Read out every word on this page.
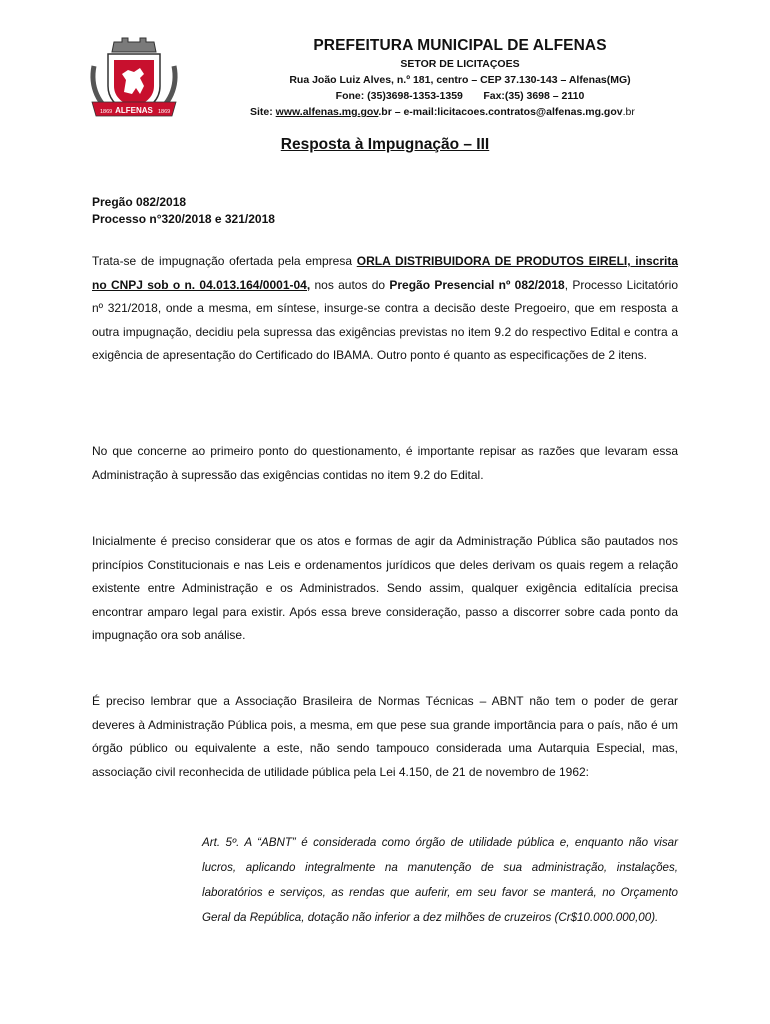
ALFENAS
1869	1869

PREFEITURA MUNICIPAL DE ALFENAS

SETOR DE LICITAÇOES

Rua João Luiz Alves, n.º 181, centro – CEP 37.130-143 – Alfenas(MG)

Fone: (35)3698-1353-1359 Fax:(35) 3698 – 2110

Site: www.alfenas.mg.gov.br – e-mail:licitacoes.contratos@alfenas.mg.gov.br

Resposta à Impugnação – III
Pregão 082/2018
Processo n°320/2018 e 321/2018

Trata-se de impugnação ofertada pela empresa ORLA DISTRIBUIDORA DE PRODUTOS EIRELI, inscrita no CNPJ sob o n. 04.013.164/0001-04, nos autos do Pregão Presencial nº 082/2018, Processo Licitatório nº 321/2018, onde a mesma, em síntese, insurge-se contra a decisão deste Pregoeiro, que em resposta a outra impugnação, decidiu pela supressa das exigências previstas no item 9.2 do respectivo Edital e contra a exigência de apresentação do Certificado do IBAMA. Outro ponto é quanto as especificações de 2 itens.

No que concerne ao primeiro ponto do questionamento, é importante repisar as razões que levaram essa Administração à supressão das exigências contidas no item 9.2 do Edital.

Inicialmente é preciso considerar que os atos e formas de agir da Administração Pública são pautados nos princípios Constitucionais e nas Leis e ordenamentos jurídicos que deles derivam os quais regem a relação existente entre Administração e os Administrados. Sendo assim, qualquer exigência editalícia precisa encontrar amparo legal para existir. Após essa breve consideração, passo a discorrer sobre cada ponto da impugnação ora sob análise.

É preciso lembrar que a Associação Brasileira de Normas Técnicas – ABNT não tem o poder de gerar deveres à Administração Pública pois, a mesma, em que pese sua grande importância para o país, não é um órgão público ou equivalente a este, não sendo tampouco considerada uma Autarquia Especial, mas, associação civil reconhecida de utilidade pública pela Lei 4.150, de 21 de novembro de 1962:

Art. 5º. A “ABNT” é considerada como órgão de utilidade pública e, enquanto não visar lucros, aplicando integralmente na manutenção de sua administração, instalações, laboratórios e serviços, as rendas que auferir, em seu favor se manterá, no Orçamento Geral da República, dotação não inferior a dez milhões de cruzeiros (Cr$10.000.000,00).
